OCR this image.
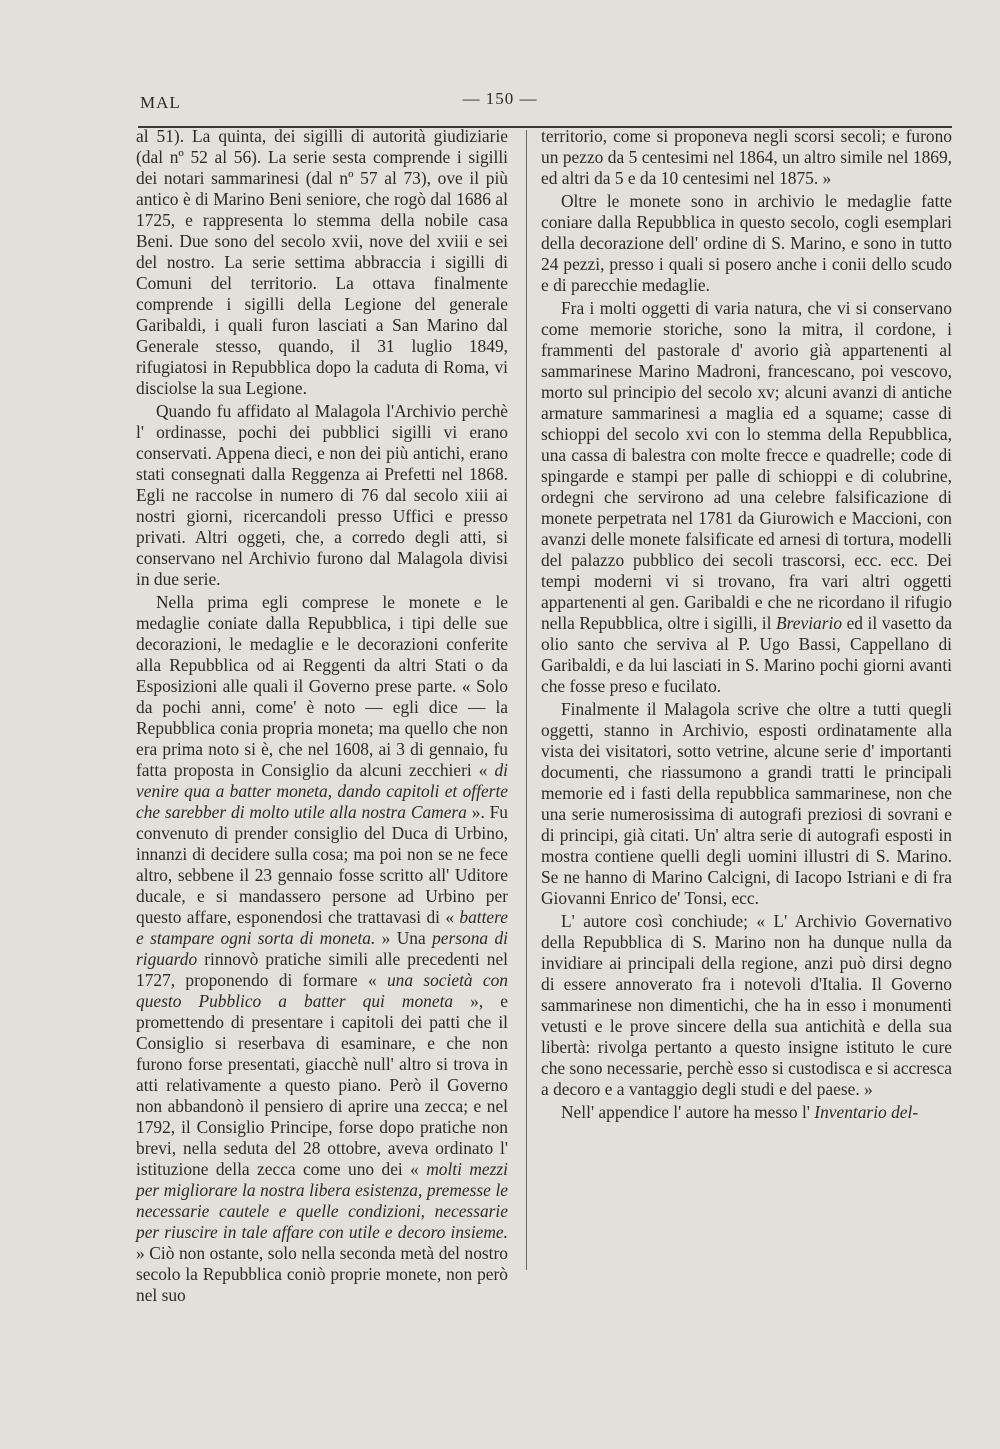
MAL	— 150 —

al 51). La quinta, dei sigilli di autorità giudiziarie (dal nº 52 al 56). La serie sesta comprende i sigilli dei notari sammarinesi (dal nº 57 al 73), ove il più antico è di Marino Beni seniore, che rogò dal 1686 al 1725, e rappresenta lo stemma della nobile casa Beni. Due sono del secolo xvii, nove del xviii e sei del nostro. La serie settima abbraccia i sigilli di Comuni del territorio. La ottava finalmente comprende i sigilli della Legione del generale Garibaldi, i quali furon lasciati a San Marino dal Generale stesso, quando, il 31 luglio 1849, rifugiatosi in Repubblica dopo la caduta di Roma, vi disciolse la sua Legione.

Quando fu affidato al Malagola l'Archivio perchè l' ordinasse, pochi dei pubblici sigilli vi erano conservati. Appena dieci, e non dei più antichi, erano stati consegnati dalla Reggenza ai Prefetti nel 1868. Egli ne raccolse in numero di 76 dal secolo xiii ai nostri giorni, ricercandoli presso Uffici e presso privati. Altri oggeti, che, a corredo degli atti, si conservano nel Archivio furono dal Malagola divisi in due serie.

Nella prima egli comprese le monete e le medaglie coniate dalla Repubblica, i tipi delle sue decorazioni, le medaglie e le decorazioni conferite alla Repubblica od ai Reggenti da altri Stati o da Esposizioni alle quali il Governo prese parte. « Solo da pochi anni, come' è noto — egli dice — la Repubblica conia propria moneta; ma quello che non era prima noto si è, che nel 1608, ai 3 di gennaio, fu fatta proposta in Consiglio da alcuni zecchieri « di venire qua a batter moneta, dando capitoli et offerte che sarebber di molto utile alla nostra Camera ». Fu convenuto di prender consiglio del Duca di Urbino, innanzi di decidere sulla cosa; ma poi non se ne fece altro, sebbene il 23 gennaio fosse scritto all' Uditore ducale, e si mandassero persone ad Urbino per questo affare, esponendosi che trattavasi di « battere e stampare ogni sorta di moneta. » Una persona di riguardo rinnovò pratiche simili alle precedenti nel 1727, proponendo di formare « una società con questo Pubblico a batter qui moneta », e promettendo di presentare i capitoli dei patti che il Consiglio si reserbava di esaminare, e che non furono forse presentati, giacchè null' altro si trova in atti relativamente a questo piano. Però il Governo non abbandonò il pensiero di aprire una zecca; e nel 1792, il Consiglio Principe, forse dopo pratiche non brevi, nella seduta del 28 ottobre, aveva ordinato l' istituzione della zecca come uno dei « molti mezzi per migliorare la nostra libera esistenza, premesse le necessarie cautele e quelle condizioni, necessarie per riuscire in tale affare con utile e decoro insieme. » Ciò non ostante, solo nella seconda metà del nostro secolo la Repubblica coniò proprie monete, non però nel suo

territorio, come si proponeva negli scorsi secoli; e furono un pezzo da 5 centesimi nel 1864, un altro simile nel 1869, ed altri da 5 e da 10 centesimi nel 1875. »

Oltre le monete sono in archivio le medaglie fatte coniare dalla Repubblica in questo secolo, cogli esemplari della decorazione dell' ordine di S. Marino, e sono in tutto 24 pezzi, presso i quali si posero anche i conii dello scudo e di parecchie medaglie.

Fra i molti oggetti di varia natura, che vi si conservano come memorie storiche, sono la mitra, il cordone, i frammenti del pastorale d' avorio già appartenenti al sammarinese Marino Madroni, francescano, poi vescovo, morto sul principio del secolo xv; alcuni avanzi di antiche armature sammarinesi a maglia ed a squame; casse di schioppi del secolo xvi con lo stemma della Repubblica, una cassa di balestra con molte frecce e quadrelle; code di spingarde e stampi per palle di schioppi e di colubrine, ordegni che servirono ad una celebre falsificazione di monete perpetrata nel 1781 da Giurowich e Maccioni, con avanzi delle monete falsificate ed arnesi di tortura, modelli del palazzo pubblico dei secoli trascorsi, ecc. ecc. Dei tempi moderni vi si trovano, fra vari altri oggetti appartenenti al gen. Garibaldi e che ne ricordano il rifugio nella Repubblica, oltre i sigilli, il Breviario ed il vasetto da olio santo che serviva al P. Ugo Bassi, Cappellano di Garibaldi, e da lui lasciati in S. Marino pochi giorni avanti che fosse preso e fucilato.

Finalmente il Malagola scrive che oltre a tutti quegli oggetti, stanno in Archivio, esposti ordinatamente alla vista dei visitatori, sotto vetrine, alcune serie d' importanti documenti, che riassumono a grandi tratti le principali memorie ed i fasti della repubblica sammarinese, non che una serie numerosissima di autografi preziosi di sovrani e di principi, già citati. Un' altra serie di autografi esposti in mostra contiene quelli degli uomini illustri di S. Marino. Se ne hanno di Marino Calcigni, di Iacopo Istriani e di fra Giovanni Enrico de' Tonsi, ecc.

L' autore così conchiude; « L' Archivio Governativo della Repubblica di S. Marino non ha dunque nulla da invidiare ai principali della regione, anzi può dirsi degno di essere annoverato fra i notevoli d'Italia. Il Governo sammarinese non dimentichi, che ha in esso i monumenti vetusti e le prove sincere della sua antichità e della sua libertà: rivolga pertanto a questo insigne istituto le cure che sono necessarie, perchè esso si custodisca e si accresca a decoro e a vantaggio degli studi e del paese. »

Nell' appendice l' autore ha messo l' Inventario del-
